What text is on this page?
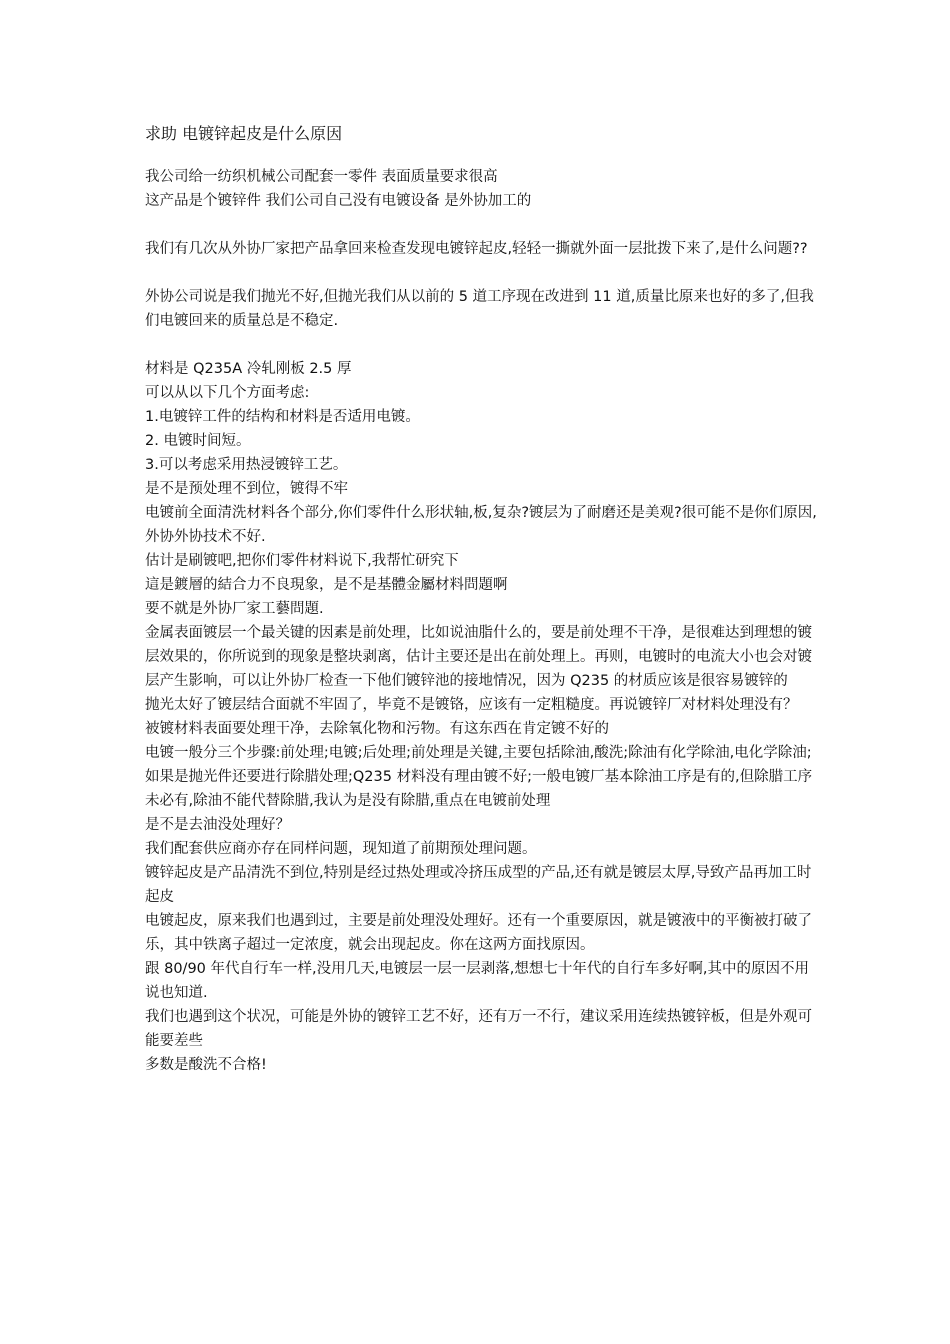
求助 电镀锌起皮是什么原因
我公司给一纺织机械公司配套一零件 表面质量要求很高
这产品是个镀锌件 我们公司自己没有电镀设备 是外协加工的
我们有几次从外协厂家把产品拿回来检查发现电镀锌起皮,轻轻一撕就外面一层批拨下来了,是什么问题??
外协公司说是我们抛光不好,但抛光我们从以前的 5 道工序现在改进到 11 道,质量比原来也好的多了,但我们电镀回来的质量总是不稳定.
材料是 Q235A 冷轧刚板 2.5 厚
可以从以下几个方面考虑:
1.电镀锌工件的结构和材料是否适用电镀。
2. 电镀时间短。
3.可以考虑采用热浸镀锌工艺。
是不是预处理不到位，镀得不牢
电镀前全面清洗材料各个部分,你们零件什么形状轴,板,复杂?镀层为了耐磨还是美观?很可能不是你们原因,外协外协技术不好.
估计是刷镀吧,把你们零件材料说下,我帮忙研究下
這是鍍層的結合力不良現象，是不是基體金屬材料問題啊
要不就是外协厂家工藝問題.
金属表面镀层一个最关键的因素是前处理，比如说油脂什么的，要是前处理不干净，是很难达到理想的镀层效果的，你所说到的现象是整块剥离，估计主要还是出在前处理上。再则，电镀时的电流大小也会对镀层产生影响，可以让外协厂检查一下他们镀锌池的接地情况，因为 Q235 的材质应该是很容易镀锌的
抛光太好了镀层结合面就不牢固了，毕竟不是镀铬，应该有一定粗糙度。再说镀锌厂对材料处理没有？
被镀材料表面要处理干净，去除氧化物和污物。有这东西在肯定镀不好的
电镀一般分三个步骤:前处理;电镀;后处理;前处理是关键,主要包括除油,酸洗;除油有化学除油,电化学除油;如果是抛光件还要进行除腊处理;Q235 材料没有理由镀不好;一般电镀厂基本除油工序是有的,但除腊工序未必有,除油不能代替除腊,我认为是没有除腊,重点在电镀前处理
是不是去油没处理好？
我们配套供应商亦存在同样问题，现知道了前期预处理问题。
镀锌起皮是产品清洗不到位,特别是经过热处理或冷挤压成型的产品,还有就是镀层太厚,导致产品再加工时起皮
电镀起皮，原来我们也遇到过，主要是前处理没处理好。还有一个重要原因，就是镀液中的平衡被打破了乐，其中铁离子超过一定浓度，就会出现起皮。你在这两方面找原因。
跟 80/90 年代自行车一样,没用几天,电镀层一层一层剥落,想想七十年代的自行车多好啊,其中的原因不用说也知道.
我们也遇到这个状况，可能是外协的镀锌工艺不好，还有万一不行，建议采用连续热镀锌板，但是外观可能要差些
多数是酸洗不合格!
